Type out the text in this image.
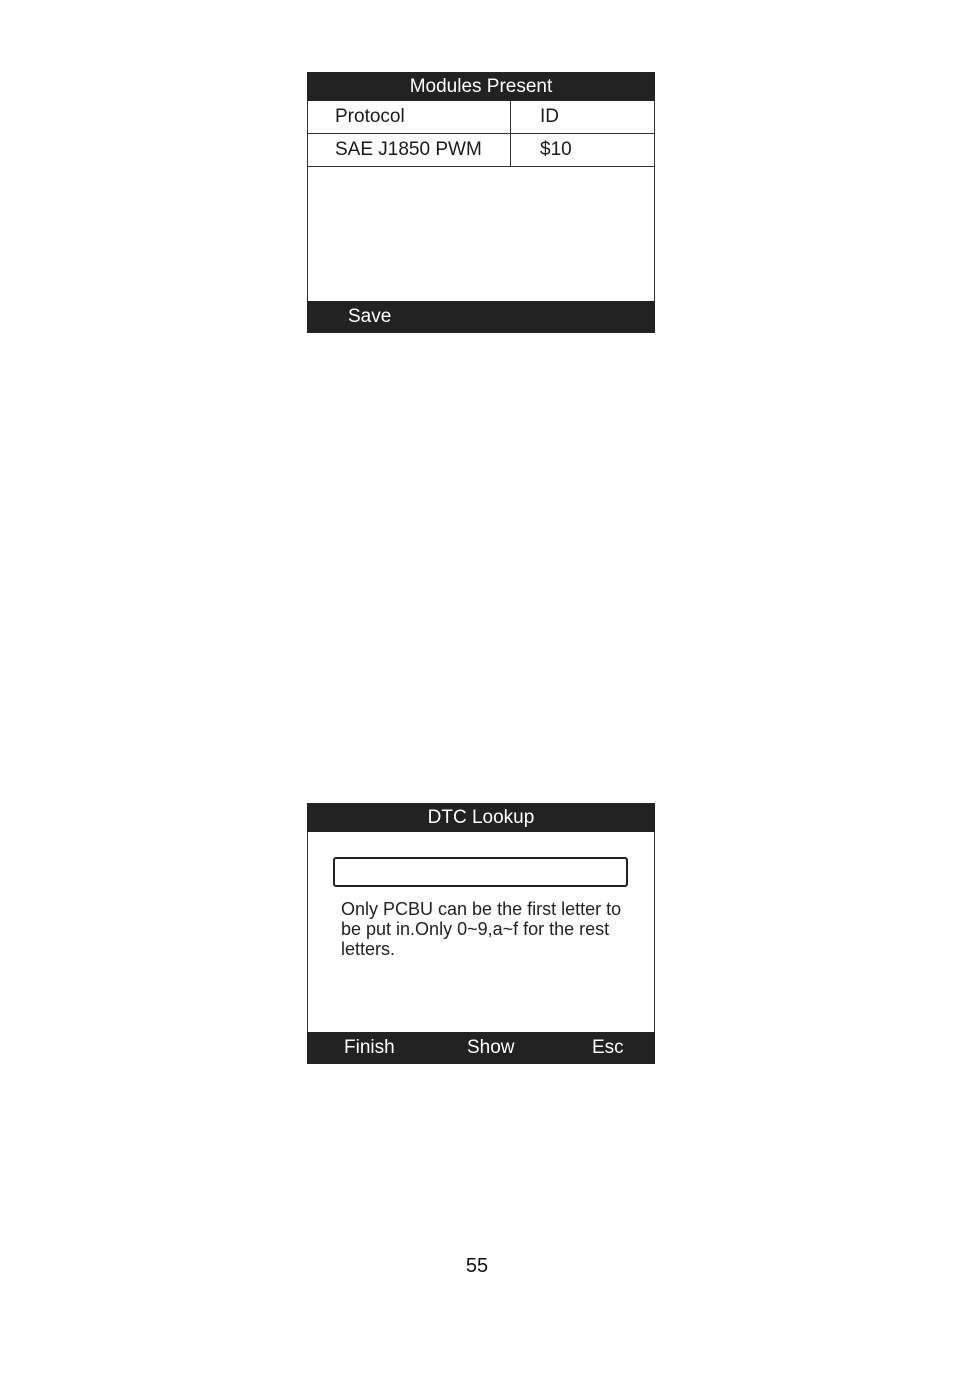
Modules Present
Protocol	ID
SAE J1850 PWM	$10
Save
DTC Lookup
Only PCBU can be the first letter to be put in.Only 0~9,a~f for the rest letters.
Finish	Show	Esc
55
